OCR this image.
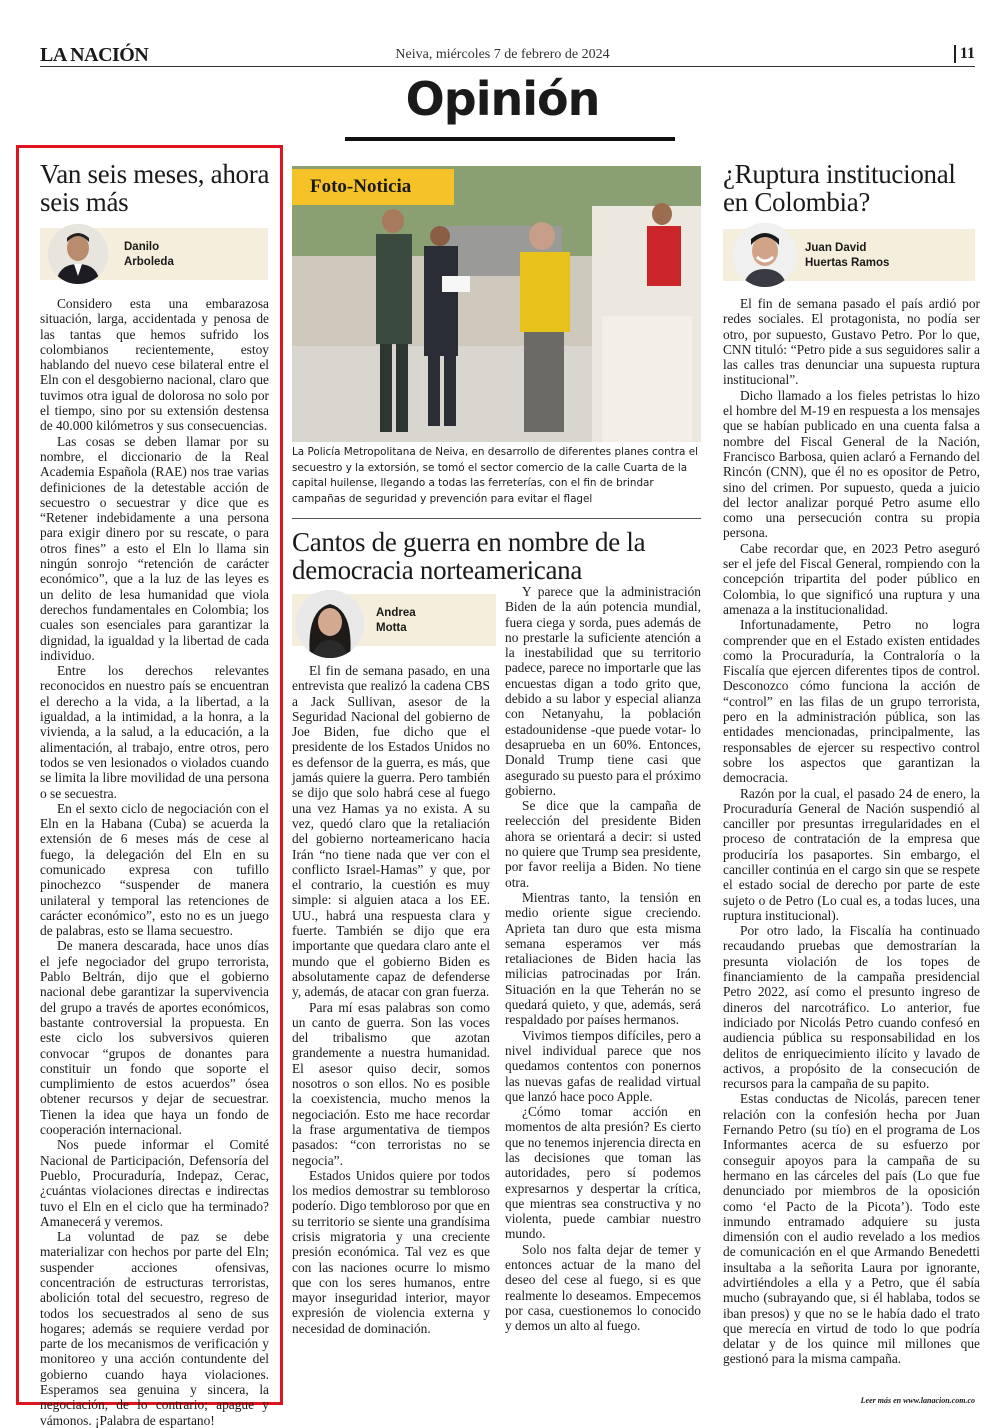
LA NACIÓN	Neiva, miércoles 7 de febrero de 2024	11
Opinión
Van seis meses, ahora seis más
Danilo
Arboleda

Considero esta una embarazosa situación, larga, accidentada y penosa de las tantas que hemos sufrido los colombianos recientemente, estoy hablando del nuevo cese bilateral entre el Eln con el desgobierno nacional, claro que tuvimos otra igual de dolorosa no solo por el tiempo, sino por su extensión destensa de 40.000 kilómetros y sus consecuencias.

Las cosas se deben llamar por su nombre, el diccionario de la Real Academia Española (RAE) nos trae varias definiciones de la detestable acción de secuestro o secuestrar y dice que es “Retener indebidamente a una persona para exigir dinero por su rescate, o para otros fines” a esto el Eln lo llama sin ningún sonrojo “retención de carácter económico”, que a la luz de las leyes es un delito de lesa humanidad que viola derechos fundamentales en Colombia; los cuales son esenciales para garantizar la dignidad, la igualdad y la libertad de cada individuo.

Entre los derechos relevantes reconocidos en nuestro país se encuentran el derecho a la vida, a la libertad, a la igualdad, a la intimidad, a la honra, a la vivienda, a la salud, a la educación, a la alimentación, al trabajo, entre otros, pero todos se ven lesionados o violados cuando se limita la libre movilidad de una persona o se secuestra.

En el sexto ciclo de negociación con el Eln en la Habana (Cuba) se acuerda la extensión de 6 meses más de cese al fuego, la delegación del Eln en su comunicado expresa con tufillo pinochezco “suspender de manera unilateral y temporal las retenciones de carácter económico”, esto no es un juego de palabras, esto se llama secuestro.

De manera descarada, hace unos días el jefe negociador del grupo terrorista, Pablo Beltrán, dijo que el gobierno nacional debe garantizar la supervivencia del grupo a través de aportes económicos, bastante controversial la propuesta. En este ciclo los subversivos quieren convocar “grupos de donantes para constituir un fondo que soporte el cumplimiento de estos acuerdos” ósea obtener recursos y dejar de secuestrar. Tienen la idea que haya un fondo de cooperación internacional.

Nos puede informar el Comité Nacional de Participación, Defensoría del Pueblo, Procuraduría, Indepaz, Cerac, ¿cuántas violaciones directas e indirectas tuvo el Eln en el ciclo que ha terminado? Amanecerá y veremos.

La voluntad de paz se debe materializar con hechos por parte del Eln; suspender acciones ofensivas, concentración de estructuras terroristas, abolición total del secuestro, regreso de todos los secuestrados al seno de sus hogares; además se requiere verdad por parte de los mecanismos de verificación y monitoreo y una acción contundente del gobierno cuando haya violaciones. Esperamos sea genuina y sincera, la negociación, de lo contrario; apague y vámonos. ¡Palabra de espartano!

Foto-Noticia
La Policía Metropolitana de Neiva, en desarrollo de diferentes planes contra el secuestro y la extorsión, se tomó el sector comercio de la calle Cuarta de la capital huilense, llegando a todas las ferreterías, con el fin de brindar campañas de seguridad y prevención para evitar el flagel
Cantos de guerra en nombre de la democracia norteamericana
Andrea
Motta

El fin de semana pasado, en una entrevista que realizó la cadena CBS a Jack Sullivan, asesor de la Seguridad Nacional del gobierno de Joe Biden, fue dicho que el presidente de los Estados Unidos no es defensor de la guerra, es más, que jamás quiere la guerra. Pero también se dijo que solo habrá cese al fuego una vez Hamas ya no exista. A su vez, quedó claro que la retaliación del gobierno norteamericano hacia Irán “no tiene nada que ver con el conflicto Israel-Hamas” y que, por el contrario, la cuestión es muy simple: si alguien ataca a los EE. UU., habrá una respuesta clara y fuerte. También se dijo que era importante que quedara claro ante el mundo que el gobierno Biden es absolutamente capaz de defenderse y, además, de atacar con gran fuerza.

Para mí esas palabras son como un canto de guerra. Son las voces del tribalismo que azotan grandemente a nuestra humanidad. El asesor quiso decir, somos nosotros o son ellos. No es posible la coexistencia, mucho menos la negociación. Esto me hace recordar la frase argumentativa de tiempos pasados: “con terroristas no se negocia”.

Estados Unidos quiere por todos los medios demostrar su tembloroso poderío. Digo tembloroso por que en su territorio se siente una grandísima crisis migratoria y una creciente presión económica. Tal vez es que con las naciones ocurre lo mismo que con los seres humanos, entre mayor inseguridad interior, mayor expresión de violencia externa y necesidad de dominación.

Y parece que la administración Biden de la aún potencia mundial, fuera ciega y sorda, pues además de no prestarle la suficiente atención a la inestabilidad que su territorio padece, parece no importarle que las encuestas digan a todo grito que, debido a su labor y especial alianza con Netanyahu, la población estadounidense -que puede votar- lo desaprueba en un 60%. Entonces, Donald Trump tiene casi que asegurado su puesto para el próximo gobierno.

Se dice que la campaña de reelección del presidente Biden ahora se orientará a decir: si usted no quiere que Trump sea presidente, por favor reelija a Biden. No tiene otra.

Mientras tanto, la tensión en medio oriente sigue creciendo. Aprieta tan duro que esta misma semana esperamos ver más retaliaciones de Biden hacia las milicias patrocinadas por Irán. Situación en la que Teherán no se quedará quieto, y que, además, será respaldado por países hermanos.

Vivimos tiempos difíciles, pero a nivel individual parece que nos quedamos contentos con ponernos las nuevas gafas de realidad virtual que lanzó hace poco Apple.

¿Cómo tomar acción en momentos de alta presión? Es cierto que no tenemos injerencia directa en las decisiones que toman las autoridades, pero sí podemos expresarnos y despertar la crítica, que mientras sea constructiva y no violenta, puede cambiar nuestro mundo.

Solo nos falta dejar de temer y entonces actuar de la mano del deseo del cese al fuego, si es que realmente lo deseamos. Empecemos por casa, cuestionemos lo conocido y demos un alto al fuego.

¿Ruptura institucional en Colombia?
Juan David
Huertas Ramos

El fin de semana pasado el país ardió por redes sociales. El protagonista, no podía ser otro, por supuesto, Gustavo Petro. Por lo que, CNN tituló: “Petro pide a sus seguidores salir a las calles tras denunciar una supuesta ruptura institucional”.

Dicho llamado a los fieles petristas lo hizo el hombre del M-19 en respuesta a los mensajes que se habían publicado en una cuenta falsa a nombre del Fiscal General de la Nación, Francisco Barbosa, quien aclaró a Fernando del Rincón (CNN), que él no es opositor de Petro, sino del crimen. Por supuesto, queda a juicio del lector analizar porqué Petro asume ello como una persecución contra su propia persona.

Cabe recordar que, en 2023 Petro aseguró ser el jefe del Fiscal General, rompiendo con la concepción tripartita del poder público en Colombia, lo que significó una ruptura y una amenaza a la institucionalidad.

Infortunadamente, Petro no logra comprender que en el Estado existen entidades como la Procuraduría, la Contraloría o la Fiscalía que ejercen diferentes tipos de control. Desconozco cómo funciona la acción de “control” en las filas de un grupo terrorista, pero en la administración pública, son las entidades mencionadas, principalmente, las responsables de ejercer su respectivo control sobre los aspectos que garantizan la democracia.

Razón por la cual, el pasado 24 de enero, la Procuraduría General de Nación suspendió al canciller por presuntas irregularidades en el proceso de contratación de la empresa que produciría los pasaportes. Sin embargo, el canciller continúa en el cargo sin que se respete el estado social de derecho por parte de este sujeto o de Petro (Lo cual es, a todas luces, una ruptura institucional).

Por otro lado, la Fiscalía ha continuado recaudando pruebas que demostrarían la presunta violación de los topes de financiamiento de la campaña presidencial Petro 2022, así como el presunto ingreso de dineros del narcotráfico. Lo anterior, fue indiciado por Nicolás Petro cuando confesó en audiencia pública su responsabilidad en los delitos de enriquecimiento ilícito y lavado de activos, a propósito de la consecución de recursos para la campaña de su papito.

Estas conductas de Nicolás, parecen tener relación con la confesión hecha por Juan Fernando Petro (su tío) en el programa de Los Informantes acerca de su esfuerzo por conseguir apoyos para la campaña de su hermano en las cárceles del país (Lo que fue denunciado por miembros de la oposición como ‘el Pacto de la Picota’). Todo este inmundo entramado adquiere su justa dimensión con el audio revelado a los medios de comunicación en el que Armando Benedetti insultaba a la señorita Laura por ignorante, advirtiéndoles a ella y a Petro, que él sabía mucho (subrayando que, si él hablaba, todos se iban presos) y que no se le había dado el trato que merecía en virtud de todo lo que podría delatar y de los quince mil millones que gestionó para la misma campaña.

Leer más en www.lanacion.com.co
